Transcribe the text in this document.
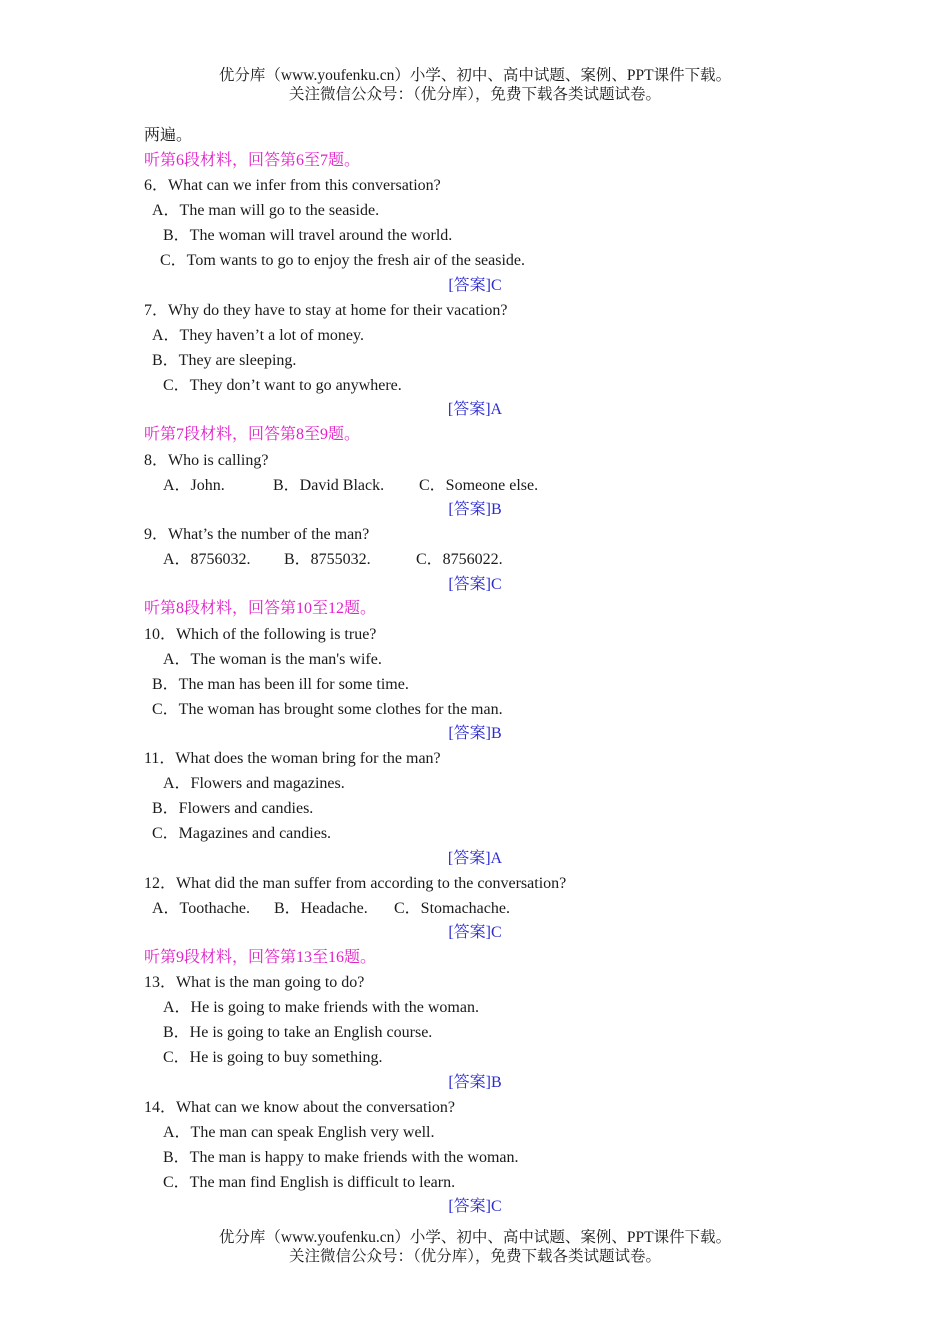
优分库（www.youfenku.cn）小学、初中、高中试题、案例、PPT课件下载。
关注微信公众号：（优分库），免费下载各类试题试卷。
两遍。
听第6段材料，回答第6至7题。
6．What can we infer from this conversation?
A．The man will go to the seaside.
B．The woman will travel around the world.
C．Tom wants to go to enjoy the fresh air of the seaside.
[答案]C
7．Why do they have to stay at home for their vacation?
A．They haven’t a lot of money.
B．They are sleeping.
C．They don’t want to go anywhere.
[答案]A
听第7段材料，回答第8至9题。
8．Who is calling?
A．John.	B．David Black. C．Someone else.
[答案]B
9．What’s the number of the man?
A．8756032. B．8755032.	C．8756022.
[答案]C
听第8段材料，回答第10至12题。
10．Which of the following is true?
A．The woman is the man's wife.
B．The man has been ill for some time.
C．The woman has brought some clothes for the man.
[答案]B
11．What does the woman bring for the man?
A．Flowers and magazines.
B．Flowers and candies.
C．Magazines and candies.
[答案]A
12．What did the man suffer from according to the conversation?
A．Toothache. B．Headache. C．Stomachache.
[答案]C
听第9段材料，回答第13至16题。
13．What is the man going to do?
A．He is going to make friends with the woman.
B．He is going to take an English course.
C．He is going to buy something.
[答案]B
14．What can we know about the conversation?
A．The man can speak English very well.
B．The man is happy to make friends with the woman.
C．The man find English is difficult to learn.
[答案]C
优分库（www.youfenku.cn）小学、初中、高中试题、案例、PPT课件下载。
关注微信公众号：（优分库），免费下载各类试题试卷。
